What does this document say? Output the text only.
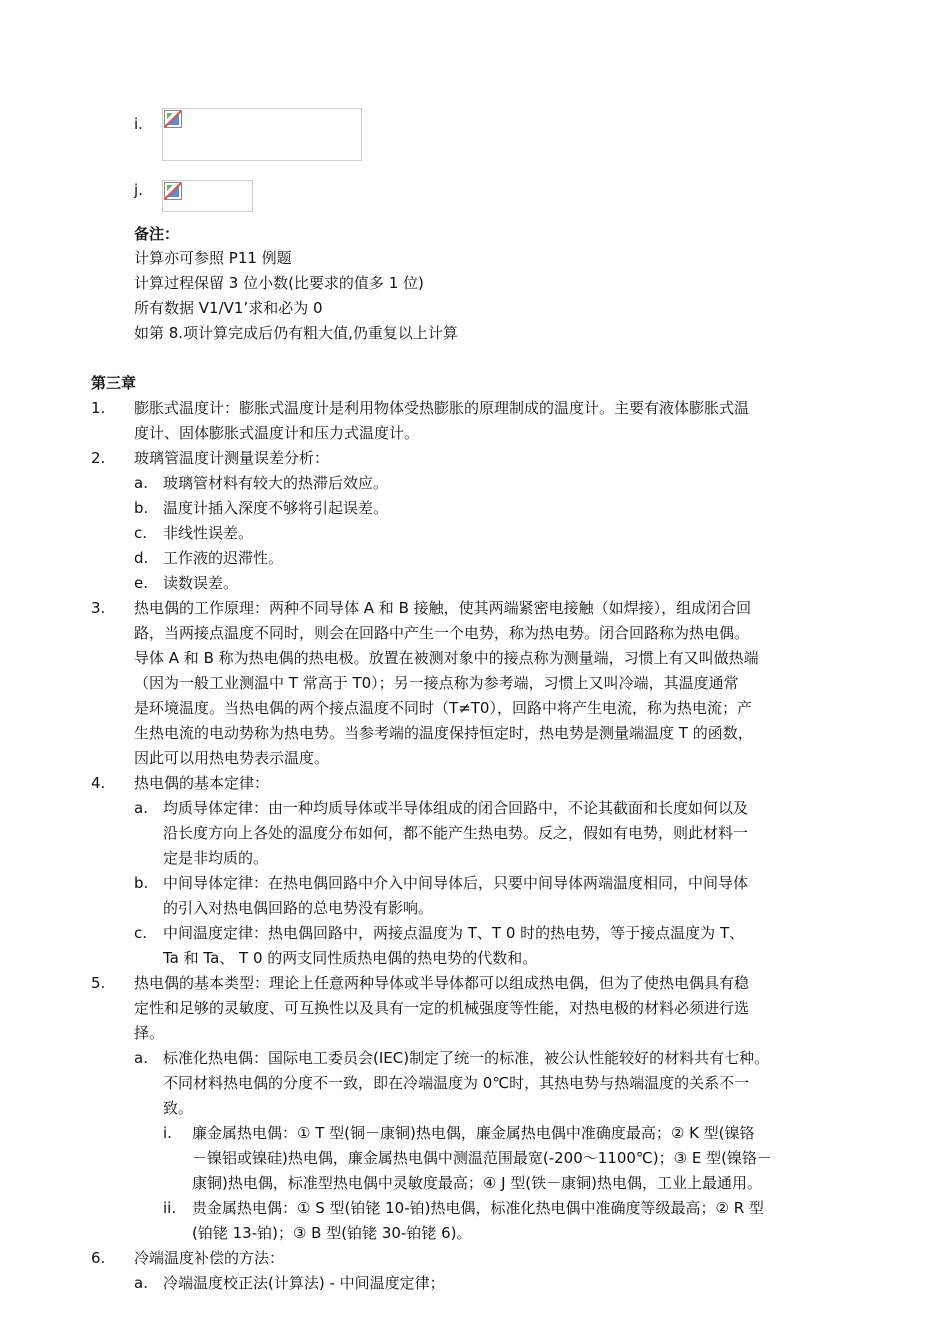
i.
j.
备注：
计算亦可参照 P11 例题
计算过程保留 3 位小数(比要求的值多 1 位)
所有数据 V1/V1’求和必为 0
如第 8.项计算完成后仍有粗大值,仍重复以上计算
第三章
1. 膨胀式温度计：膨胀式温度计是利用物体受热膨胀的原理制成的温度计。主要有液体膨胀式温
度计、固体膨胀式温度计和压力式温度计。
2. 玻璃管温度计测量误差分析：
a. 玻璃管材料有较大的热滞后效应。
b. 温度计插入深度不够将引起误差。
c. 非线性误差。
d. 工作液的迟滞性。
e. 读数误差。
3. 热电偶的工作原理：两种不同导体 A 和 B 接触，使其两端紧密电接触（如焊接），组成闭合回
路，当两接点温度不同时，则会在回路中产生一个电势，称为热电势。闭合回路称为热电偶。
导体 A 和 B 称为热电偶的热电极。放置在被测对象中的接点称为测量端，习惯上有又叫做热端
（因为一般工业测温中 T 常高于 T0）；另一接点称为参考端，习惯上又叫冷端，其温度通常
是环境温度。当热电偶的两个接点温度不同时（T≠T0），回路中将产生电流，称为热电流；产
生热电流的电动势称为热电势。当参考端的温度保持恒定时，热电势是测量端温度 T 的函数，
因此可以用热电势表示温度。
4. 热电偶的基本定律：
a. 均质导体定律：由一种均质导体或半导体组成的闭合回路中，不论其截面和长度如何以及
沿长度方向上各处的温度分布如何，都不能产生热电势。反之，假如有电势，则此材料一
定是非均质的。
b. 中间导体定律：在热电偶回路中介入中间导体后，只要中间导体两端温度相同，中间导体
的引入对热电偶回路的总电势没有影响。
c. 中间温度定律：热电偶回路中，两接点温度为 T、T 0 时的热电势，等于接点温度为 T、
Ta 和 Ta、 T 0 的两支同性质热电偶的热电势的代数和。
5. 热电偶的基本类型：理论上任意两种导体或半导体都可以组成热电偶，但为了使热电偶具有稳
定性和足够的灵敏度、可互换性以及具有一定的机械强度等性能，对热电极的材料必须进行选
择。
a. 标准化热电偶：国际电工委员会(IEC)制定了统一的标准，被公认性能较好的材料共有七种。
不同材料热电偶的分度不一致，即在冷端温度为 0℃时，其热电势与热端温度的关系不一
致。
i. 廉金属热电偶：① T 型(铜－康铜)热电偶，廉金属热电偶中准确度最高；② K 型(镍铬
－镍铝或镍硅)热电偶，廉金属热电偶中测温范围最宽(-200～1100℃)；③ E 型(镍铬－
康铜)热电偶，标准型热电偶中灵敏度最高；④ J 型(铁－康铜)热电偶，工业上最通用。
ii. 贵金属热电偶：① S 型(铂铑 10-铂)热电偶，标准化热电偶中准确度等级最高；② R 型
(铂铑 13-铂)；③ B 型(铂铑 30-铂铑 6)。
6. 冷端温度补偿的方法：
a. 冷端温度校正法(计算法) - 中间温度定律；
